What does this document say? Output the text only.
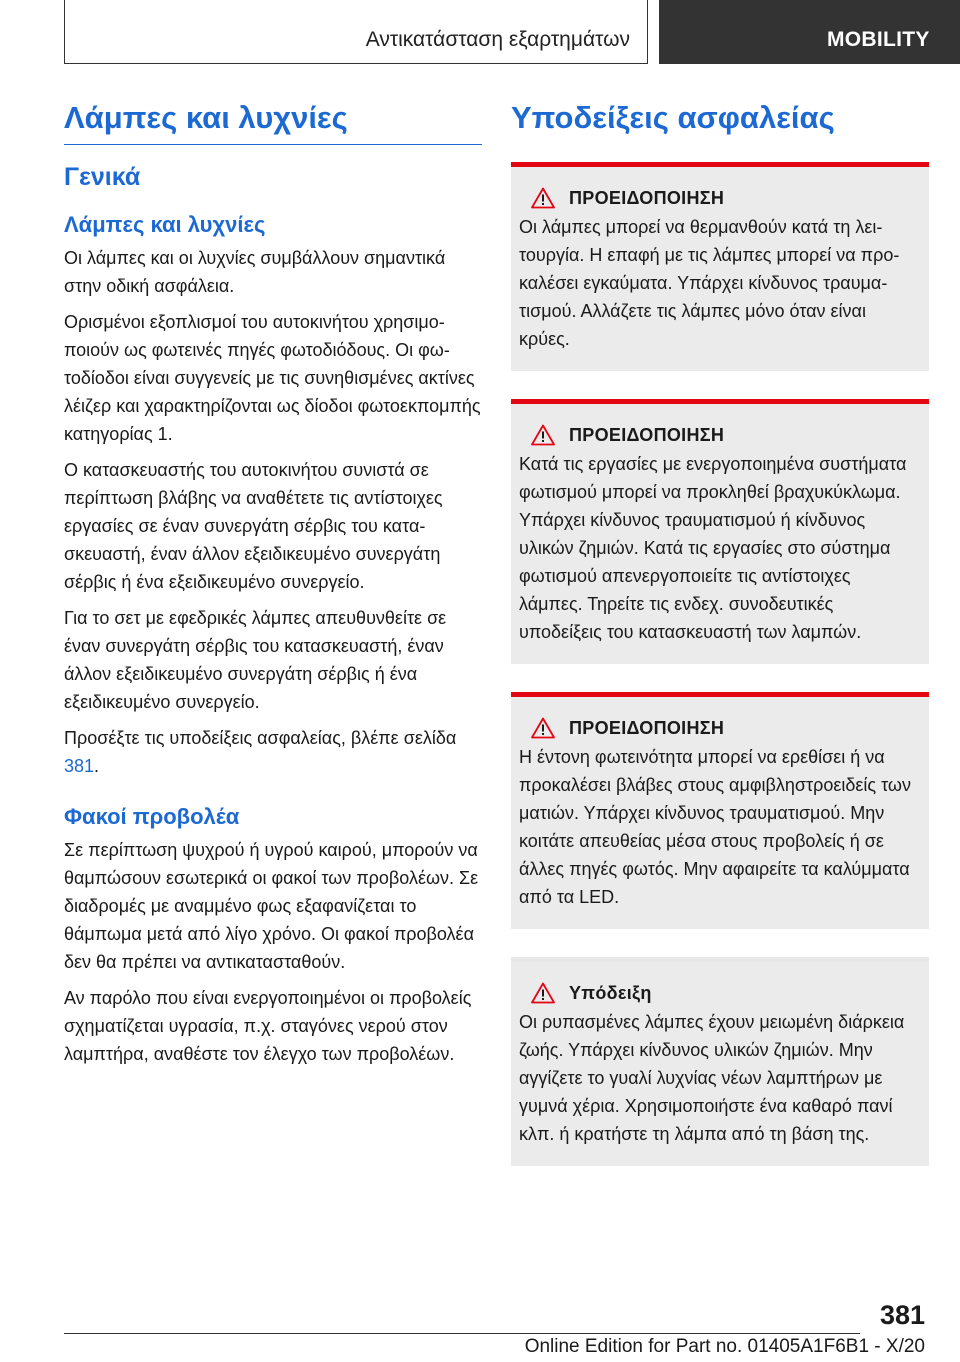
Αντικατάσταση εξαρτημάτων	MOBILITY
Λάμπες και λυχνίες
Γενικά
Λάμπες και λυχνίες

Οι λάμπες και οι λυχνίες συμβάλλουν σημαντικά στην οδική ασφάλεια.

Ορισμένοι εξοπλισμοί του αυτοκινήτου χρησιμοποιούν ως φωτεινές πηγές φωτοδιόδους. Οι φωτοδίοδοι είναι συγγενείς με τις συνηθισμένες ακτίνες λέιζερ και χαρακτηρίζονται ως δίοδοι φωτοεκπομπής κατηγορίας 1.

Ο κατασκευαστής του αυτοκινήτου συνιστά σε περίπτωση βλάβης να αναθέτετε τις αντίστοιχες εργασίες σε έναν συνεργάτη σέρβις του κατασκευαστή, έναν άλλον εξειδικευμένο συνεργάτη σέρβις ή ένα εξειδικευμένο συνεργείο.

Για το σετ με εφεδρικές λάμπες απευθυνθείτε σε έναν συνεργάτη σέρβις του κατασκευαστή, έναν άλλον εξειδικευμένο συνεργάτη σέρβις ή ένα εξειδικευμένο συνεργείο.

Προσέξτε τις υποδείξεις ασφαλείας, βλέπε σελίδα 381.

Φακοί προβολέα

Σε περίπτωση ψυχρού ή υγρού καιρού, μπορούν να θαμπώσουν εσωτερικά οι φακοί των προβολέων. Σε διαδρομές με αναμμένο φως εξαφανίζεται το θάμπωμα μετά από λίγο χρόνο. Οι φακοί προβολέα δεν θα πρέπει να αντικατασταθούν.

Αν παρόλο που είναι ενεργοποιημένοι οι προβολείς σχηματίζεται υγρασία, π.χ. σταγόνες νερού στον λαμπτήρα, αναθέστε τον έλεγχο των προβολέων.

Υποδείξεις ασφαλείας
ΠΡΟΕΙΔΟΠΟΙΗΣΗ

Οι λάμπες μπορεί να θερμανθούν κατά τη λειτουργία. Η επαφή με τις λάμπες μπορεί να προκαλέσει εγκαύματα. Υπάρχει κίνδυνος τραυματισμού. Αλλάζετε τις λάμπες μόνο όταν είναι κρύες.

ΠΡΟΕΙΔΟΠΟΙΗΣΗ

Κατά τις εργασίες με ενεργοποιημένα συστήματα φωτισμού μπορεί να προκληθεί βραχυκύκλωμα. Υπάρχει κίνδυνος τραυματισμού ή κίνδυνος υλικών ζημιών. Κατά τις εργασίες στο σύστημα φωτισμού απενεργοποιείτε τις αντίστοιχες λάμπες. Τηρείτε τις ενδεχ. συνοδευτικές υποδείξεις του κατασκευαστή των λαμπών.

ΠΡΟΕΙΔΟΠΟΙΗΣΗ

Η έντονη φωτεινότητα μπορεί να ερεθίσει ή να προκαλέσει βλάβες στους αμφιβληστροειδείς των ματιών. Υπάρχει κίνδυνος τραυματισμού. Μην κοιτάτε απευθείας μέσα στους προβολείς ή σε άλλες πηγές φωτός. Μην αφαιρείτε τα καλύμματα από τα LED.

Υπόδειξη

Οι ρυπασμένες λάμπες έχουν μειωμένη διάρκεια ζωής. Υπάρχει κίνδυνος υλικών ζημιών. Μην αγγίζετε το γυαλί λυχνίας νέων λαμπτήρων με γυμνά χέρια. Χρησιμοποιήστε ένα καθαρό πανί κλπ. ή κρατήστε τη λάμπα από τη βάση της.

381
Online Edition for Part no. 01405A1F6B1 - X/20
